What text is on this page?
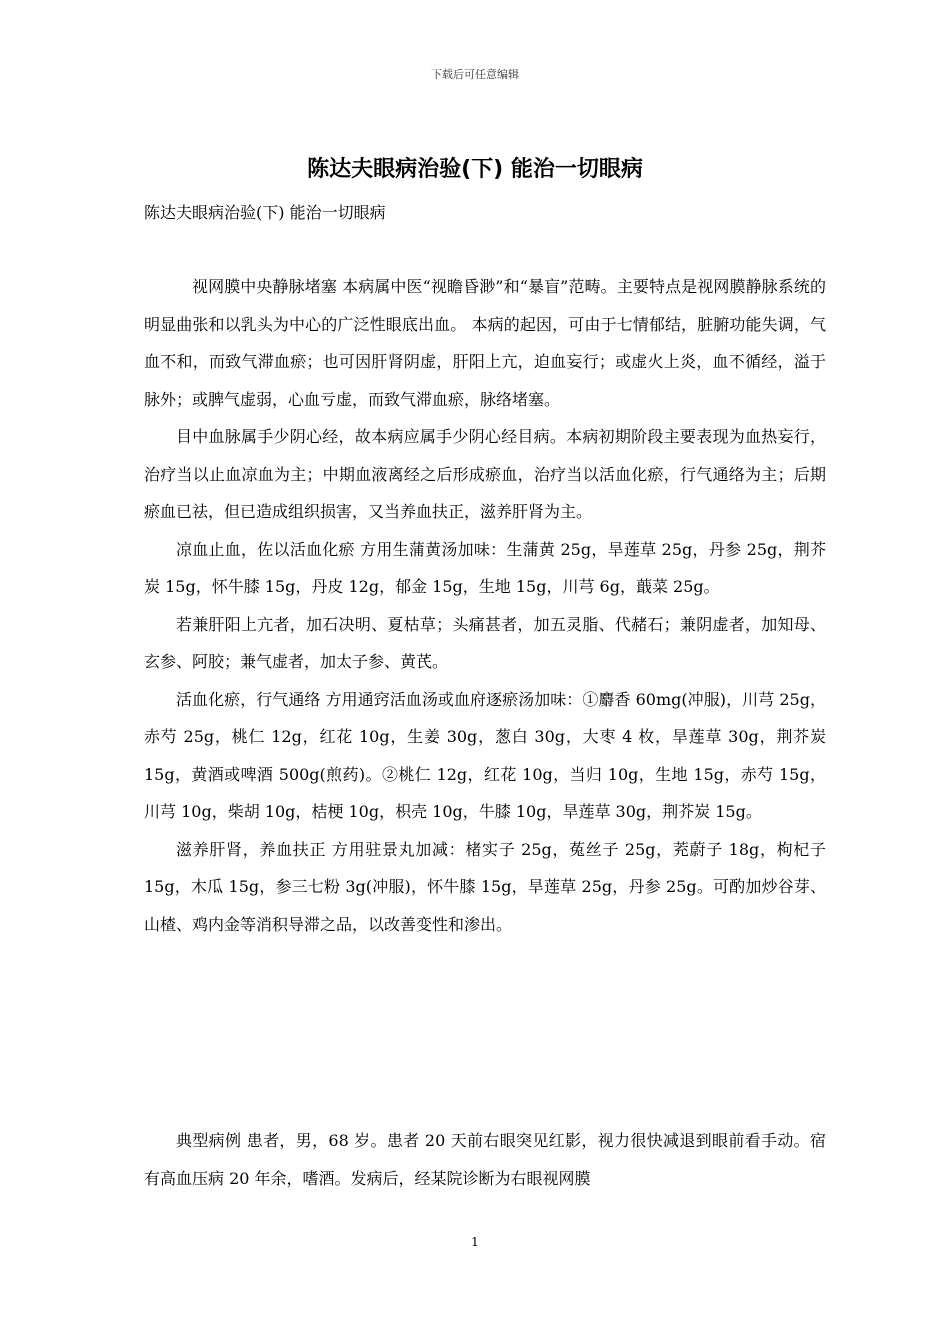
下载后可任意编辑
陈达夫眼病治验(下) 能治一切眼病
陈达夫眼病治验(下) 能治一切眼病

视网膜中央静脉堵塞 本病属中医“视瞻昏渺”和“暴盲”范畴。主要特点是视网膜静脉系统的明显曲张和以乳头为中心的广泛性眼底出血。 本病的起因，可由于七情郁结，脏腑功能失调，气血不和，而致气滞血瘀；也可因肝肾阴虚，肝阳上亢，迫血妄行；或虚火上炎，血不循经，溢于脉外；或脾气虚弱，心血亏虚，而致气滞血瘀，脉络堵塞。

目中血脉属手少阴心经，故本病应属手少阴心经目病。本病初期阶段主要表现为血热妄行，治疗当以止血凉血为主；中期血液离经之后形成瘀血，治疗当以活血化瘀，行气通络为主；后期瘀血已祛，但已造成组织损害，又当养血扶正，滋养肝肾为主。

凉血止血，佐以活血化瘀 方用生蒲黄汤加味：生蒲黄 25g，旱莲草 25g，丹参 25g，荆芥炭 15g，怀牛膝 15g，丹皮 12g，郁金 15g，生地 15g，川芎 6g，蕺菜 25g。

若兼肝阳上亢者，加石决明、夏枯草；头痛甚者，加五灵脂、代赭石；兼阴虚者，加知母、玄参、阿胶；兼气虚者，加太子参、黄芪。

活血化瘀，行气通络 方用通窍活血汤或血府逐瘀汤加味：①麝香 60mg(冲服)，川芎 25g，赤芍 25g，桃仁 12g，红花 10g，生姜 30g，葱白 30g，大枣 4 枚，旱莲草 30g，荆芥炭 15g，黄酒或啤酒 500g(煎药)。②桃仁 12g，红花 10g，当归 10g，生地 15g，赤芍 15g，川芎 10g，柴胡 10g，桔梗 10g，枳壳 10g，牛膝 10g，旱莲草 30g，荆芥炭 15g。

滋养肝肾，养血扶正 方用驻景丸加减：楮实子 25g，菟丝子 25g，茺蔚子 18g，枸杞子 15g，木瓜 15g，参三七粉 3g(冲服)，怀牛膝 15g，旱莲草 25g，丹参 25g。可酌加炒谷芽、山楂、鸡内金等消积导滞之品，以改善变性和渗出。

典型病例 患者，男，68 岁。患者 20 天前右眼突见红影，视力很快减退到眼前看手动。宿有高血压病 20 年余，嗜酒。发病后，经某院诊断为右眼视网膜

1
